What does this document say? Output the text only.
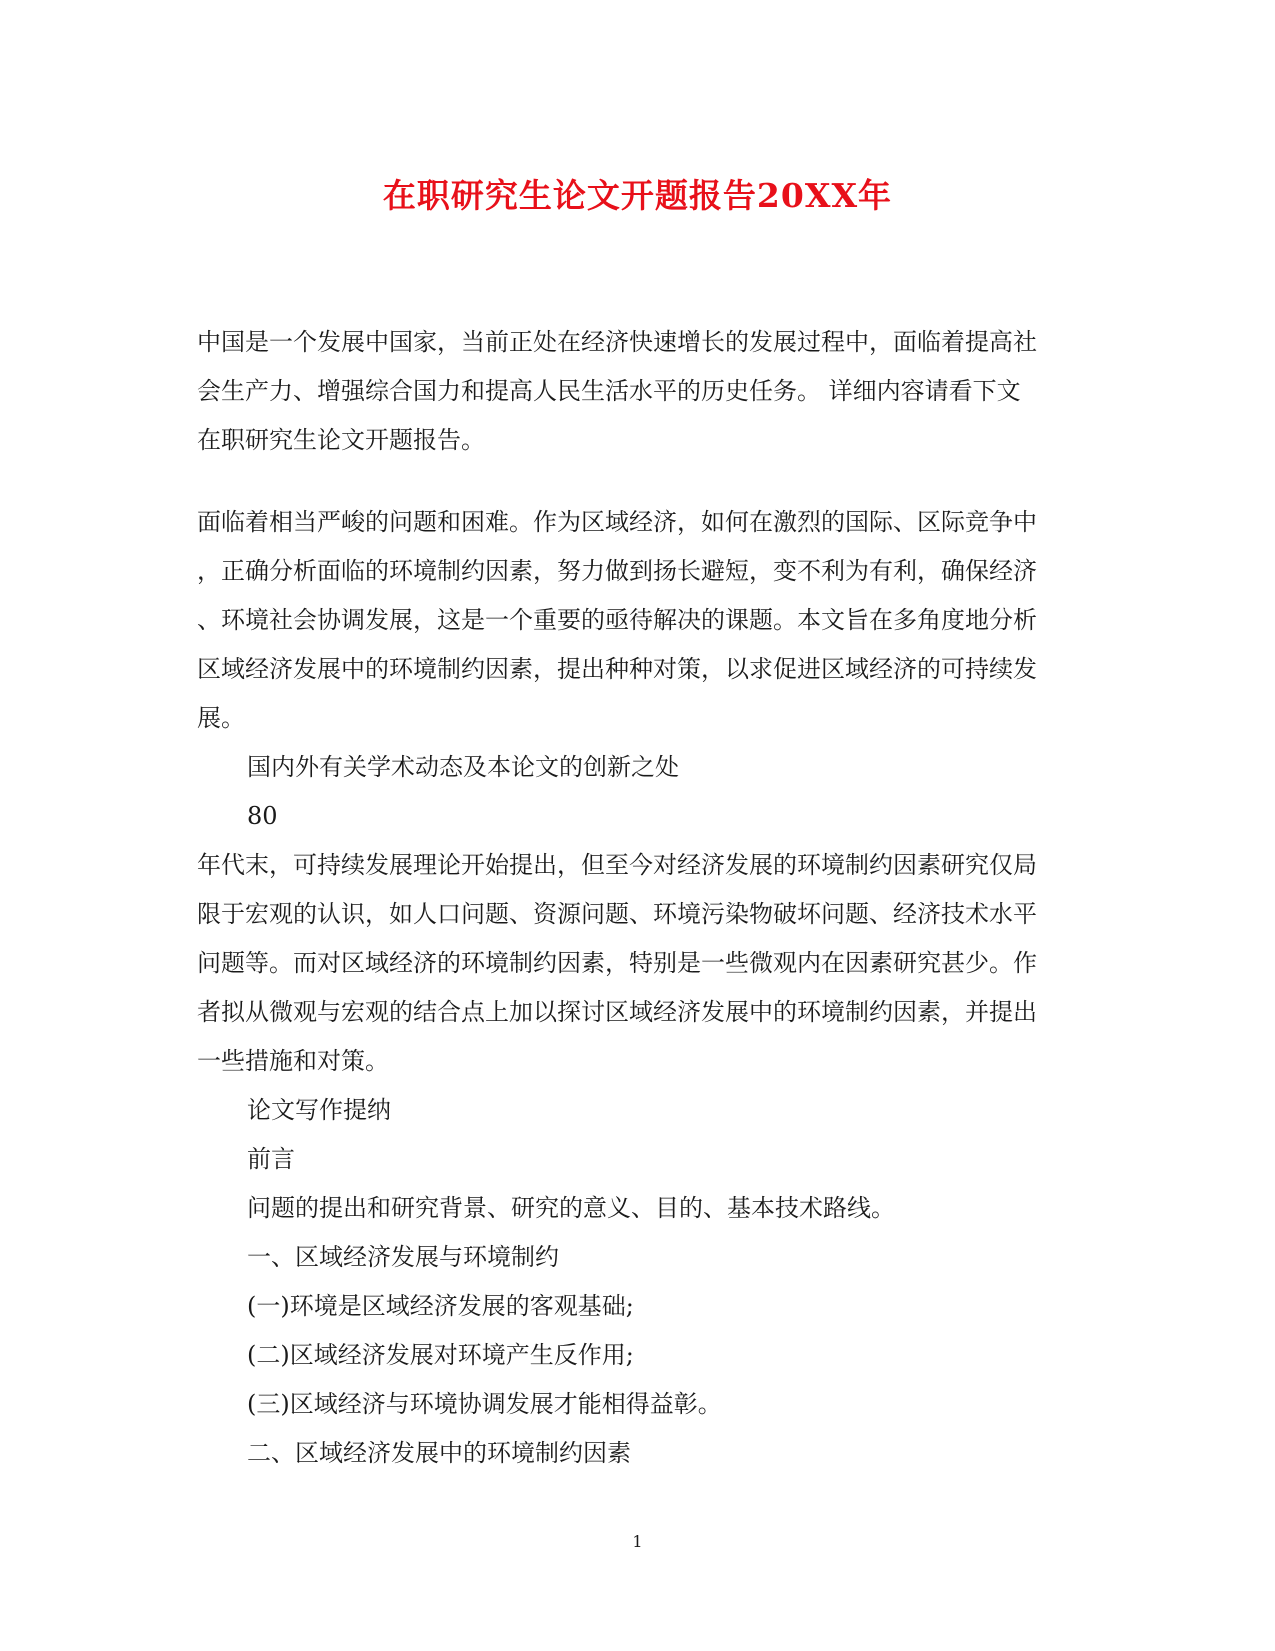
在职研究生论文开题报告20XX年
中国是一个发展中国家，当前正处在经济快速增长的发展过程中，面临着提高社
会生产力、增强综合国力和提高人民生活水平的历史任务。 详细内容请看下文
在职研究生论文开题报告。
面临着相当严峻的问题和困难。作为区域经济，如何在激烈的国际、区际竞争中
，正确分析面临的环境制约因素，努力做到扬长避短，变不利为有利，确保经济
、环境社会协调发展，这是一个重要的亟待解决的课题。本文旨在多角度地分析
区域经济发展中的环境制约因素，提出种种对策，以求促进区域经济的可持续发
展。
国内外有关学术动态及本论文的创新之处
80
年代末，可持续发展理论开始提出，但至今对经济发展的环境制约因素研究仅局
限于宏观的认识，如人口问题、资源问题、环境污染物破坏问题、经济技术水平
问题等。而对区域经济的环境制约因素，特别是一些微观内在因素研究甚少。作
者拟从微观与宏观的结合点上加以探讨区域经济发展中的环境制约因素，并提出
一些措施和对策。
论文写作提纳
前言
问题的提出和研究背景、研究的意义、目的、基本技术路线。
一、区域经济发展与环境制约
(一)环境是区域经济发展的客观基础;
(二)区域经济发展对环境产生反作用;
(三)区域经济与环境协调发展才能相得益彰。
二、区域经济发展中的环境制约因素
1
